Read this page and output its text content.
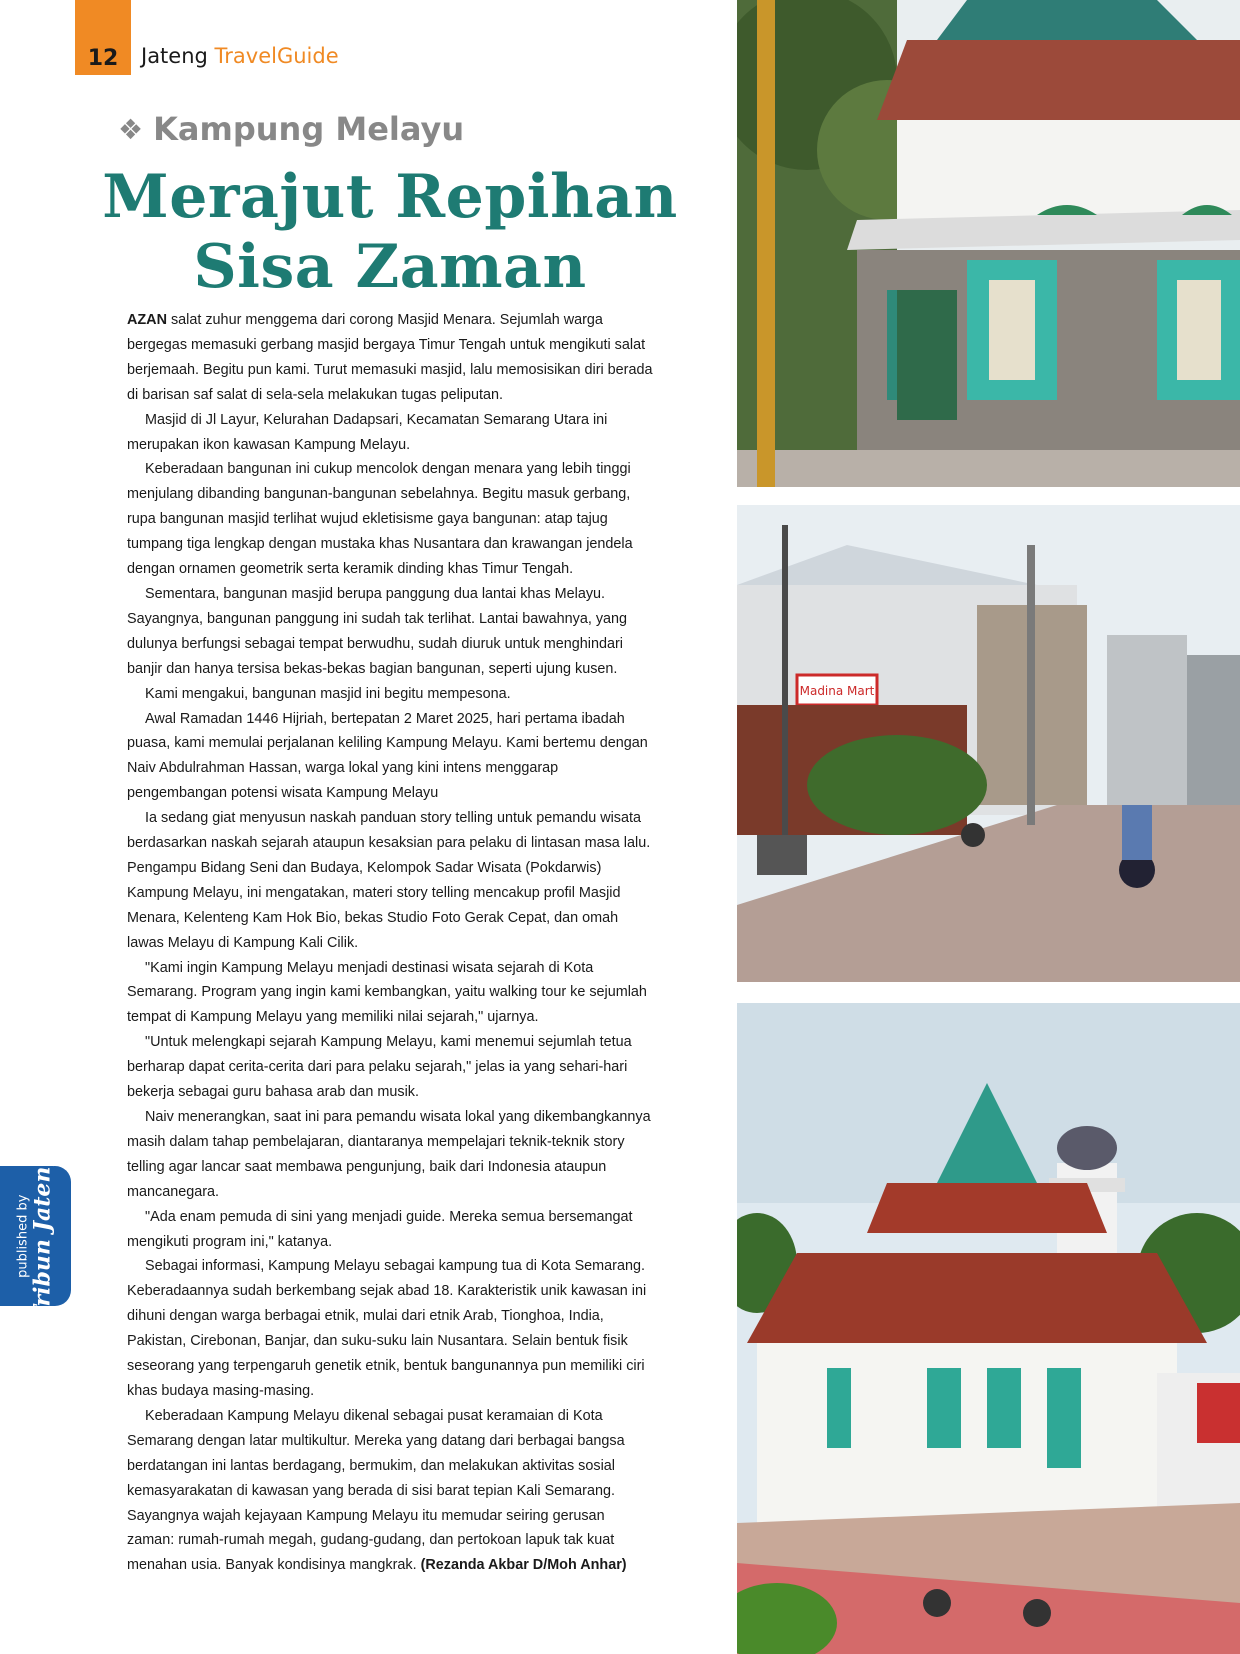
12 Jateng TravelGuide
❖ Kampung Melayu
Merajut Repihan
Sisa Zaman

AZAN salat zuhur menggema dari corong Masjid Menara. Sejumlah warga bergegas memasuki gerbang masjid bergaya Timur Tengah untuk mengikuti salat berjemaah. Begitu pun kami. Turut memasuki masjid, lalu memosisikan diri berada di barisan saf salat di sela-sela melakukan tugas peliputan.

Masjid di Jl Layur, Kelurahan Dadapsari, Kecamatan Semarang Utara ini merupakan ikon kawasan Kampung Melayu.

Keberadaan bangunan ini cukup mencolok dengan menara yang lebih tinggi menjulang dibanding bangunan-bangunan sebelahnya. Begitu masuk gerbang, rupa bangunan masjid terlihat wujud ekletisisme gaya bangunan: atap tajug tumpang tiga lengkap dengan mustaka khas Nusantara dan krawangan jendela dengan ornamen geometrik serta keramik dinding khas Timur Tengah.

Sementara, bangunan masjid berupa panggung dua lantai khas Melayu. Sayangnya, bangunan panggung ini sudah tak terlihat. Lantai bawahnya, yang dulunya berfungsi sebagai tempat berwudhu, sudah diuruk untuk menghindari banjir dan hanya tersisa bekas-bekas bagian bangunan, seperti ujung kusen.

Kami mengakui, bangunan masjid ini begitu mempesona.

Awal Ramadan 1446 Hijriah, bertepatan 2 Maret 2025, hari pertama ibadah puasa, kami memulai perjalanan keliling Kampung Melayu. Kami bertemu dengan Naiv Abdulrahman Hassan, warga lokal yang kini intens menggarap pengembangan potensi wisata Kampung Melayu

Ia sedang giat menyusun naskah panduan story telling untuk pemandu wisata berdasarkan naskah sejarah ataupun kesaksian para pelaku di lintasan masa lalu. Pengampu Bidang Seni dan Budaya, Kelompok Sadar Wisata (Pokdarwis) Kampung Melayu, ini mengatakan, materi story telling mencakup profil Masjid Menara, Kelenteng Kam Hok Bio, bekas Studio Foto Gerak Cepat, dan omah lawas Melayu di Kampung Kali Cilik.

"Kami ingin Kampung Melayu menjadi destinasi wisata sejarah di Kota Semarang. Program yang ingin kami kembangkan, yaitu walking tour ke sejumlah tempat di Kampung Melayu yang memiliki nilai sejarah," ujarnya.

"Untuk melengkapi sejarah Kampung Melayu, kami menemui sejumlah tetua berharap dapat cerita-cerita dari para pelaku sejarah," jelas ia yang sehari-hari bekerja sebagai guru bahasa arab dan musik.

Naiv menerangkan, saat ini para pemandu wisata lokal yang dikembangkannya masih dalam tahap pembelajaran, diantaranya mempelajari teknik-teknik story telling agar lancar saat membawa pengunjung, baik dari Indonesia ataupun mancanegara.

"Ada enam pemuda di sini yang menjadi guide. Mereka semua bersemangat mengikuti program ini," katanya.

Sebagai informasi, Kampung Melayu sebagai kampung tua di Kota Semarang. Keberadaannya sudah berkembang sejak abad 18. Karakteristik unik kawasan ini dihuni dengan warga berbagai etnik, mulai dari etnik Arab, Tionghoa, India, Pakistan, Cirebonan, Banjar, dan suku-suku lain Nusantara. Selain bentuk fisik seseorang yang terpengaruh genetik etnik, bentuk bangunannya pun memiliki ciri khas budaya masing-masing.

Keberadaan Kampung Melayu dikenal sebagai pusat keramaian di Kota Semarang dengan latar multikultur. Mereka yang datang dari berbagai bangsa berdatangan ini lantas berdagang, bermukim, dan melakukan aktivitas sosial kemasyarakatan di kawasan yang berada di sisi barat tepian Kali Semarang. Sayangnya wajah kejayaan Kampung Melayu itu memudar seiring gerusan zaman: rumah-rumah megah, gudang-gudang, dan pertokoan lapuk tak kuat menahan usia. Banyak kondisinya mangkrak. (Rezanda Akbar D/Moh Anhar)

published by Tribun Jateng
Madina Mart
